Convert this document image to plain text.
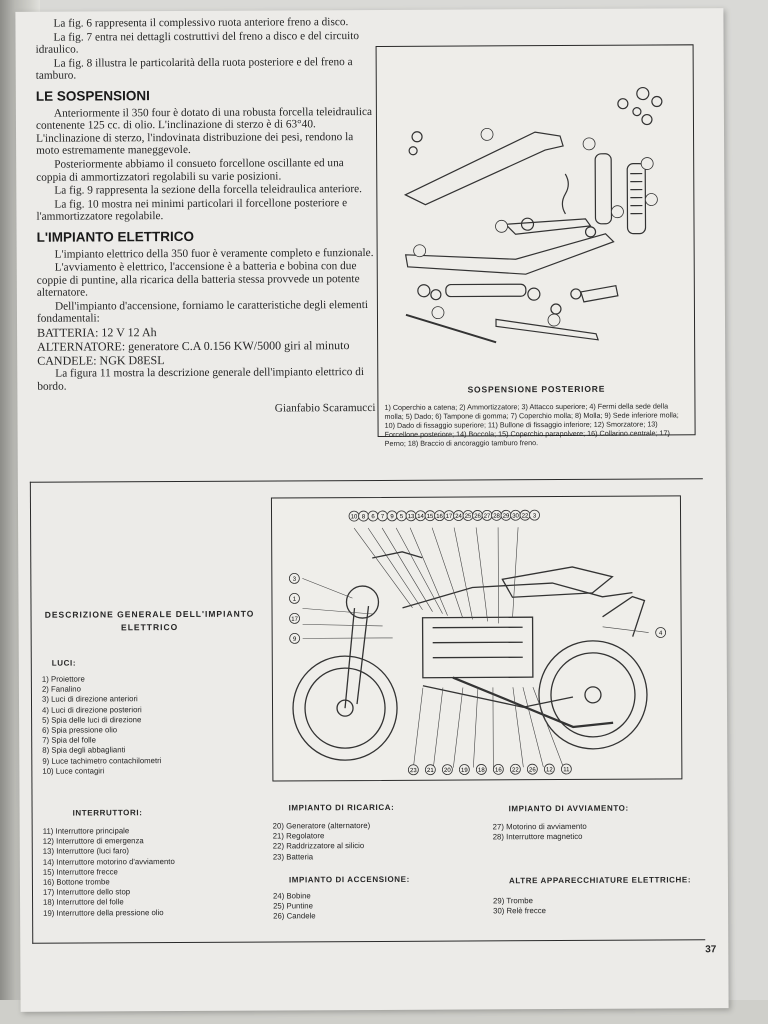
La fig. 6 rappresenta il complessivo ruota anteriore freno a disco.

La fig. 7 entra nei dettagli costruttivi del freno a disco e del circuito idraulico.

La fig. 8 illustra le particolarità della ruota posteriore e del freno a tamburo.

LE SOSPENSIONI

Anteriormente il 350 four è dotato di una robusta forcella teleidraulica contenente 125 cc. di olio. L'inclinazione di sterzo è di 63°40. L'inclinazione di sterzo, l'indovinata distribuzione dei pesi, rendono la moto estremamente maneggevole.

Posteriormente abbiamo il consueto forcellone oscillante ed una coppia di ammortizzatori regolabili su varie posizioni.

La fig. 9 rappresenta la sezione della forcella teleidraulica anteriore.

La fig. 10 mostra nei minimi particolari il forcellone posteriore e l'ammortizzatore regolabile.

L'IMPIANTO ELETTRICO

L'impianto elettrico della 350 fuor è veramente completo e funzionale.

L'avviamento è elettrico, l'accensione è a batteria e bobina con due coppie di puntine, alla ricarica della batteria stessa provvede un potente alternatore.

Dell'impianto d'accensione, forniamo le caratteristiche degli elementi fondamentali:

BATTERIA: 12 V 12 Ah

ALTERNATORE: generatore C.A 0.156 KW/5000 giri al minuto

CANDELE: NGK D8ESL

La figura 11 mostra la descrizione generale dell'impianto elettrico di bordo.

Gianfabio Scaramucci

SOSPENSIONE POSTERIORE
1) Coperchio a catena; 2) Ammortizzatore; 3) Attacco superiore; 4) Fermi della sede della molla; 5) Dado; 6) Tampone di gomma; 7) Coperchio molla; 8) Molla; 9) Sede inferiore molla; 10) Dado di fissaggio superiore; 11) Bullone di fissaggio inferiore; 12) Smorzatore; 13) Forcellone posteriore; 14) Boccola; 15) Coperchio parapolvere; 16) Collarino centrale; 17) Perno; 18) Braccio di ancoraggio tamburo freno.
10 8 6 7 9 5 13 14 15 16 17 24 25 26 27 28 29 30 22 3
3
1
17
9
4
23 21 20 19 18 16 22 26 12 11
DESCRIZIONE GENERALE DELL'IMPIANTO ELETTRICO
LUCI:
1) Proiettore
2) Fanalino
3) Luci di direzione anteriori
4) Luci di direzione posteriori
5) Spia delle luci di direzione
6) Spia pressione olio
7) Spia del folle
8) Spia degli abbaglianti
9) Luce tachimetro contachilometri
10) Luce contagiri
INTERRUTTORI:
11) Interruttore principale
12) Interruttore di emergenza
13) Interruttore (luci faro)
14) Interruttore motorino d'avviamento
15) Interruttore frecce
16) Bottone trombe
17) Interruttore dello stop
18) Interruttore del folle
19) Interruttore della pressione olio
IMPIANTO DI RICARICA:
20) Generatore (alternatore)
21) Regolatore
22) Raddrizzatore al silicio
23) Batteria
IMPIANTO DI ACCENSIONE:
24) Bobine
25) Puntine
26) Candele
IMPIANTO DI AVVIAMENTO:
27) Motorino di avviamento
28) Interruttore magnetico
ALTRE APPARECCHIATURE ELETTRICHE:
29) Trombe
30) Relè frecce
37
